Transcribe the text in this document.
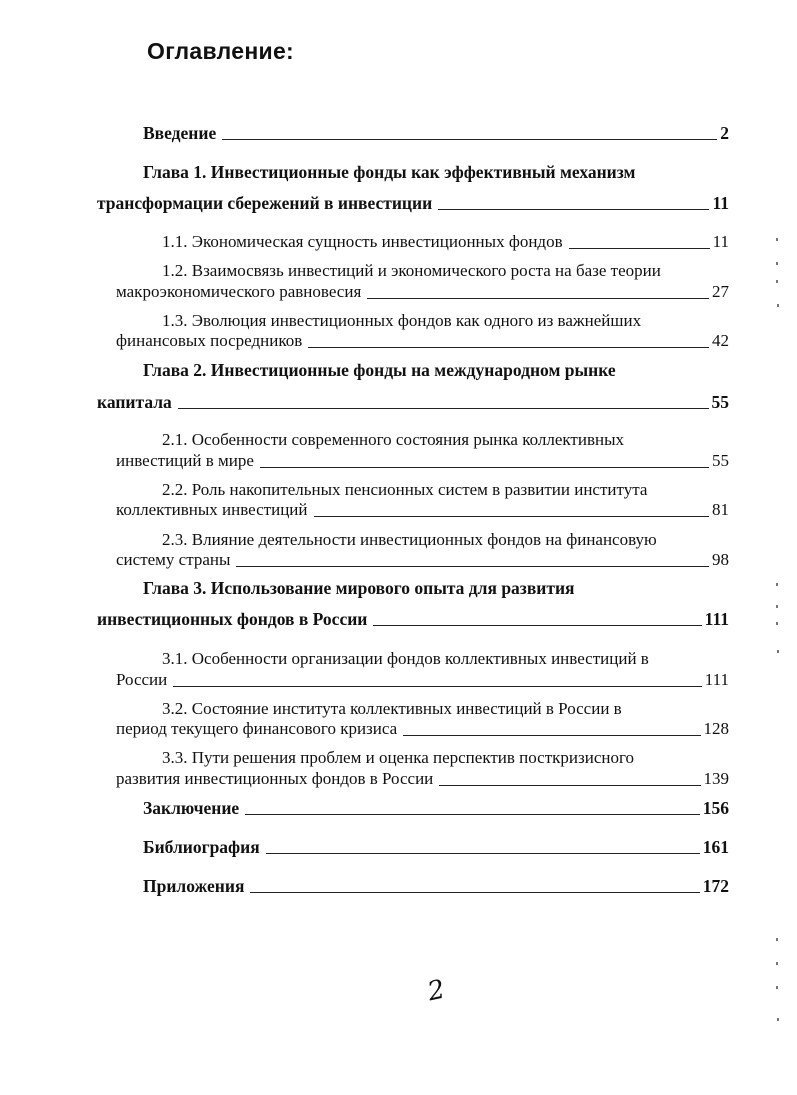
Оглавление:
Введение	2
Глава 1. Инвестиционные фонды как эффективный механизм
трансформации сбережений в инвестиции	11
1.1. Экономическая сущность инвестиционных фондов	11
1.2. Взаимосвязь инвестиций и экономического роста на базе теории
макроэкономического равновесия	27
1.3. Эволюция инвестиционных фондов как одного из важнейших
финансовых посредников	42
Глава 2. Инвестиционные фонды на международном рынке
капитала	55
2.1. Особенности современного состояния рынка коллективных
инвестиций в мире	55
2.2. Роль накопительных пенсионных систем в развитии института
коллективных инвестиций	81
2.3. Влияние деятельности инвестиционных фондов на финансовую
систему страны	98
Глава 3. Использование мирового опыта для развития
инвестиционных фондов в России	111
3.1. Особенности организации фондов коллективных инвестиций в
России	111
3.2. Состояние института коллективных инвестиций в России в
период текущего финансового кризиса	128
3.3. Пути решения проблем и оценка перспектив посткризисного
развития инвестиционных фондов в России	139
Заключение	156
Библиография	161
Приложения	172
2
